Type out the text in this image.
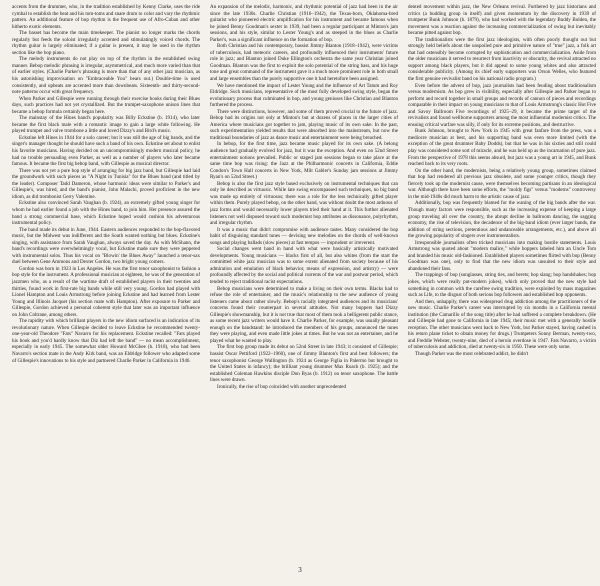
accents from the drummer, who, in the tradition established by Kenny Clarke, uses the ride cymbal to establish the beat and his tom-toms and snare drum to color and vary the rhythmic pattern. An additional feature of bop rhythm is the frequent use of Afro-Cuban and other hitherto exotic elements.

The basset has become the main timekeeper. The pianist no longer marks the chords regularly but feeds the soloist irregularly accented and stimulatingly voiced chords. The rhythm guitar is largely eliminated; if a guitar is present, it may be used in the rhythm section like the bop piano.

The melody instruments do not play on top of the rhythm in the established swing manner. Bebop melodic phrasing is irregular, asymmetrical, and much more varied than that of earlier styles. (Charlie Parker's phrasing is more than that of any other jazz musician, as his astonishing improvisation on "Embraceable You" bears out.) Double-time is used consistently, and upbeats are accented more than downbeats. Sixteenth- and thirty-second-note patterns occur with great frequency.

When Parker and Gillespie were running through their exercise books during their Blues days, such practices had not yet crystallized. But the trumpet-saxophone unison lines that became a bebop formula certainly began here.

The mainstay of the Hines band's popularity was Billy Eckstine (b. 1914), who later became the first black male with a romantic image to gain a large white following. He played trumpet and valve trombone a little and loved Dizzy's and Bird's music.

Eckstine left Hines in 1944 for a solo career; but it was still the age of big bands, and the singer's manager thought he should have such a band of his own. Eckstine set about to enlist his favorite musicians. Having decided on an uncompromisingly modern musical policy, he had no trouble persuading even Parker, as well as a number of players who later became famous. It became the first big bebop band, with Gillespie as musical director.

There was not yet a pure bop style of arranging for big jazz band, but Gillespie had laid the groundwork with such pieces as "A Night in Tunisia" for the Blues band (and titled by the leader). Composer Tadd Dameron, whose harmonic ideas were similar to Parker's and Gillespie's, was hired, and the band's pianist, John Malachi, proved proficient in the new idiom, as did trombonist Gerry Valentine.

Eckstine also convinced Sarah Vaughan (b. 1924), an extremely gifted young singer for whom he had earlier found a job with the Hines band, to join him. Her presence assured the band a strong commercial base, which Eckstine hoped would cushion his adventurous instrumental policy.

The band made its debut in June, 1944. Eastern audiences responded to the bop-flavored music, but the Midwest was indifferent and the South wanted nothing but blues. Eckstine's singing, with assistance from Sarah Vaughan, always saved the day. As with McShann, the band's recordings were overwhelmingly vocal, but Eckstine made sure they were peppered with instrumental solos. Thus his vocal on "Blowin' the Blues Away" launched a tenor-sax duel between Gene Ammons and Dexter Gordon, two bright young comers.

Gordon was born in 1923 in Los Angeles. He was the first tenor saxophonist to fashion a bop style for the instrument. A professional musician at eighteen, he was of the generation of jazzmen who, as a result of the wartime draft of established players in their twenties and thirties, found work in first-rate big bands while still very young. Gordon had played with Lionel Hampton and Louis Armstrong before joining Eckstine and had learned from Lester Young and Illinois Jacquet (his section mate with Hampton). After exposure to Parker and Gillespie, Gordon achieved a personal coherent style that later was an important influence on John Coltrane, among others.

The rapidity with which brilliant players in the new idiom surfaced is an indication of its revolutionary nature. When Gillespie decided to leave Eckstine he recommended twenty-one-year-old Theodore "Fats" Navarro for his replacement. Eckstine recalled: "Fats played his book and you'd hardly know that Diz had left the band" — no mean accomplishment, especially in early 1945. The somewhat older Howard McGhee (b. 1918), who had been Navarro's section mate in the Andy Kirk band, was an Eldridge follower who adapted some of Gillespie's innovations to his style and partnered Charlie Parker in California in 1946.

An expansion of the melodic, harmonic, and rhythmic potential of jazz had been in the air since the late 1930s. Charlie Christian (1916–1942), the Texas-born, Oklahoma-bred guitarist who pioneered electric amplification for his instrument and became famous when he joined Benny Goodman's sextet in 1939, had been a regular participant at Minton's jam sessions, and his style, similar to Lester Young's and as steeped in the blues as Charlie Parker's, was a significant influence on the formation of bop.

Both Christian and his contemporary, bassist Jimmy Blanton (1918–1942), were victims of tuberculosis, had meteoric careers, and profoundly influenced their instruments' future role in jazz; and Blanton joined Duke Ellington's orchestra the same year Christian joined Goodman. Blanton was the first to exploit the solo potential of the string bass, and his huge tone and great command of the instrument gave it a much more prominent role in both small and large ensembles than the purely supportive one it had heretofore been assigned.

We have mentioned the impact of Lester Young and the influence of Art Tatum and Roy Eldridge. Such musicians, representative of the most fully developed swing style, began the evolutionary process that culminated in bop, and young geniuses like Christian and Blanton furthered the process.

There were distinctions, however, and some of them proved crucial to the future of jazz. Bebop had its origins not only at Minton's but at dozens of places in the larger cities of America where musicians got together to jam, playing music of its own sake. In the past, such experimentation yielded results that were absorbed into the mainstream, but now the traditional boundaries of jazz as dance music and entertainment were being breached.

In bebop, for the first time, jazz became music played for its own sake. (A belong audience had gradually evolved for jazz, but it was the exception. And even on 52nd Street entertainment notions prevailed. Public or staged jam sessions began to take place at the same time bop was rising: the Jazz at the Philharmonic concerts in California, Eddie Condon's Town Hall concerts in New York, Milt Gabler's Sunday jam sessions at Jimmy Ryan's on 52nd Street.)

Bebop is also the first jazz style based exclusively on instrumental techniques that can only be described as virtuosic. While late swing encompassed such techniques, no big band was made up entirely of virtuosos; there was a role for the less technically gifted player within them. Purely played bebop, on the other hand, was without doubt the most arduous of jazz forms and would necessarily lower players tried their hand at it. This further alienated listeners not well disposed toward such modernist bop attributes as dissonance, polyrhythm, and irregular rhythm.

It was a music that didn't compromise with audience tastes. Many considered the bop habit of disguising standard tunes — devising new melodies on the chords of well-known songs and playing ballads (slow pieces) at fast tempos — imprudent or irreverent.

Social changes went hand in hand with what were basically artistically motivated developments. Young musicians — blacks first of all, but also whites (from the start the committed white jazz musician was to some extent alienated from society because of his admiration and emulation of black behavior, means of expression, and artistry) — were profoundly affected by the social and political currents of the war and postwar period, which tended to reject traditional racist expectations.

Bebop musicians were determined to make a living on their own terms. Blacks had to refuse the role of entertainer, and the music's relationship to the new audience of young listeners came about rather slowly. Bebop's racially integrated audiences and its musicians' concerns found their counterpart in several attitudes. Not many boppers had Dizzy Gillespie's showmanship, but it is not true that most of them took a belligerent public stance, as some recent jazz writers would have it. Charlie Parker, for example, was usually pleasant enough on the bandstand: he introduced the members of his groups, announced the tunes they were playing, and even made little jokes at times. But he was not an entertainer, and he played what he wanted to play.

The first bop group made its debut on 52nd Street in late 1943; it consisted of Gillespie; bassist Oscar Pettiford (1922–1960), one of Jimmy Blanton's first and best followers; the tenor saxophonist George Wallington (b. 1924 as George Figlia in Palermo but brought to the United States in infancy); the brilliant young drummer Max Roach (b. 1925); and the established Coleman Hawkins disciple Don Byas (b. 1912) on tenor saxophone. The battle lines were drawn.

Ironically, the rise of bop coincided with another unprecedented

dented movement within jazz, the New Orleans revival. Furthered by jazz historians and critics (a budding group in itself) and given momentum by the discovery in 1939 of trumpeter Bunk Johnson (b. 1879), who had worked with the legendary Buddy Bolden, the movement was a reaction against the increasing commercialization of swing but inevitably became pitted against bop.

The traditionalists were the first jazz ideologists, with often poorly thought out but strongly held beliefs about the unspoiled pure and primitive nature of "true" jazz, a folk art that had ostensibly become corrupted by sophistication and commercialization. Aside from the older musicians it served to resurrect from inactivity or obscurity, the revival attracted no support among black players, but it did appeal to some young whites and also attracted considerable publicity. (Among its chief early supporters was Orson Welles, who featured the first genuine revivalist band on his national radio program.)

Even before the advent of bop, jazz journalists had been feuding about traditionalism versus modernism. As bop grew in visibility, especially after Gillespie and Parker began to perform and record together in small groups and records of cannon of pieces and recordings comparable in their impact on young musicians to that of Louis Armstrong's classic Hot Five and Savoy Ballroom Five recordings of 1925–29, it became the prime target of the revivalists and found wellborne supporters among the most influential modernist critics. The ensuing critical warfare was silly, if only for its extreme positions, and destructive.

Bunk Johnson, brought to New York in 1945 with great fanfare from the press, was a mediocre musician at best, and his supporting band was even more limited (with the exception of the great drummer Baby Dodds), but that he was in his sixties and still could play was considered some sort of miracle, and he was held up as the incarnation of pure jazz. From the perspective of 1978 this seems absurd, but jazz was a young art in 1945, and Bunk reached back to its very roots.

On the other hand, the modernists, being a relatively young group, sometimes claimed that bop had rendered all previous jazz obsolete, and some younger critics, though they fiercely took up the modernist cause, were themselves becoming partisans in an ideological war. Although there have been some efforts, the "moldy figs" versus "moderns" controversy in the mid-1940s did much harm to the artistic cause of jazz.

Additionally, bop was frequently blamed for the waning of the big bands after the war. Though many factors were responsible, such as the increasing expense of keeping a large group traveling all over the country, the abrupt decline in ballroom dancing, the sagging economy, the rise of television, the decadence of the big-band idiom (ever larger bands, the addition of string sections, pretentious and undanceable arrangements, etc.), and above all the growing popularity of singers over instrumentalists.

Irresponsible journalists often tricked musicians into making hostile statements. Louis Armstrong was quoted about "modern malice," while boppers labeled him an Uncle Tom and branded his music old-fashioned. Established players sometimes flirted with bop (Benny Goodman was one), only to find that the new idiom was unsuited to their style and abandoned their fans.

The trappings of bop (sunglasses, string ties, and berets; bop slang; bop handshakes; bop jokes, which were really put-modern jokes), which only proved that the new style had something in common with the carefree swing tradition, were exploited by mass magazines such as Life, to the disgust of both serious bop followers and established bop opponents.

And then, unhappily, there was widespread drug addiction among the practitioners of the new music. Charlie Parker's career was interrupted by six months in a California mental institution (the Camarillo of the song title) after he had suffered a complete breakdown. (He and Gillespie had gone to California in late 1945; their music met with a generally hostile reception. The other musicians went back to New York, but Parker stayed, having cashed in his return plane ticket to obtain money for drugs.) Trumpeters Sonny Berman, twenty-two, and Freddie Webster, twenty-nine, died of a heroin overdose in 1947. Fats Navarro, a victim of tuberculosis and addiction, died at twenty-six in 1950. These were only some.

Though Parker was the most celebrated addict, he didn't

3
